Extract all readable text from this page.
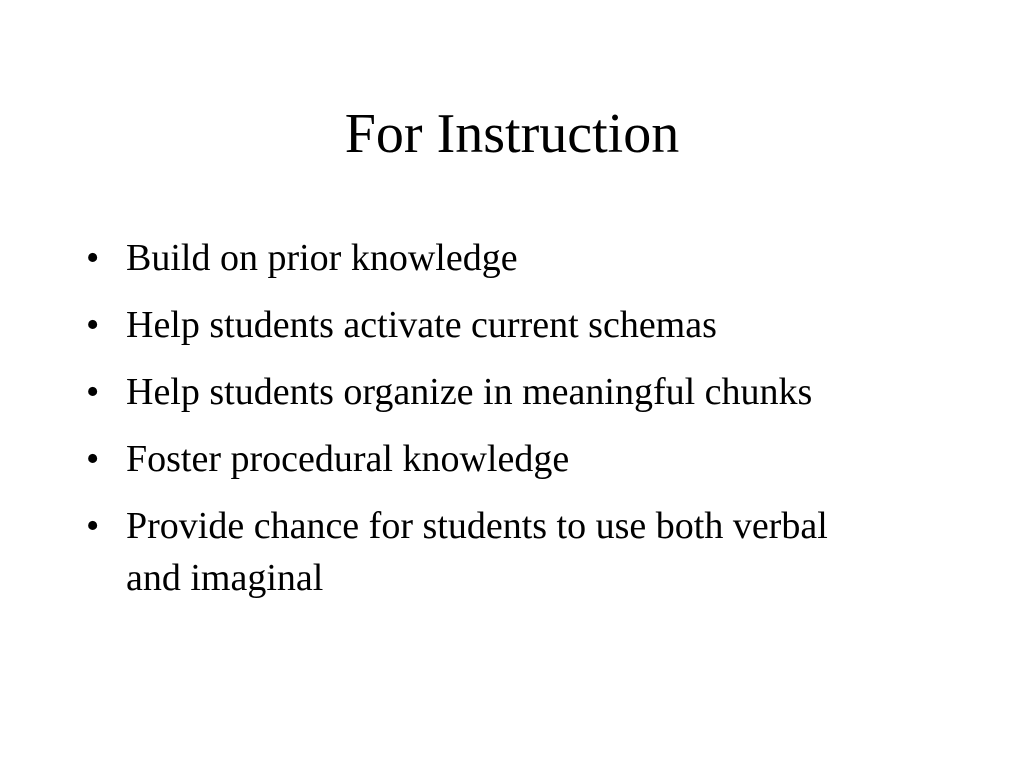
For Instruction
• Build on prior knowledge
• Help students activate current schemas
• Help students organize in meaningful chunks
• Foster procedural knowledge
• Provide chance for students to use both verbal and imaginal
